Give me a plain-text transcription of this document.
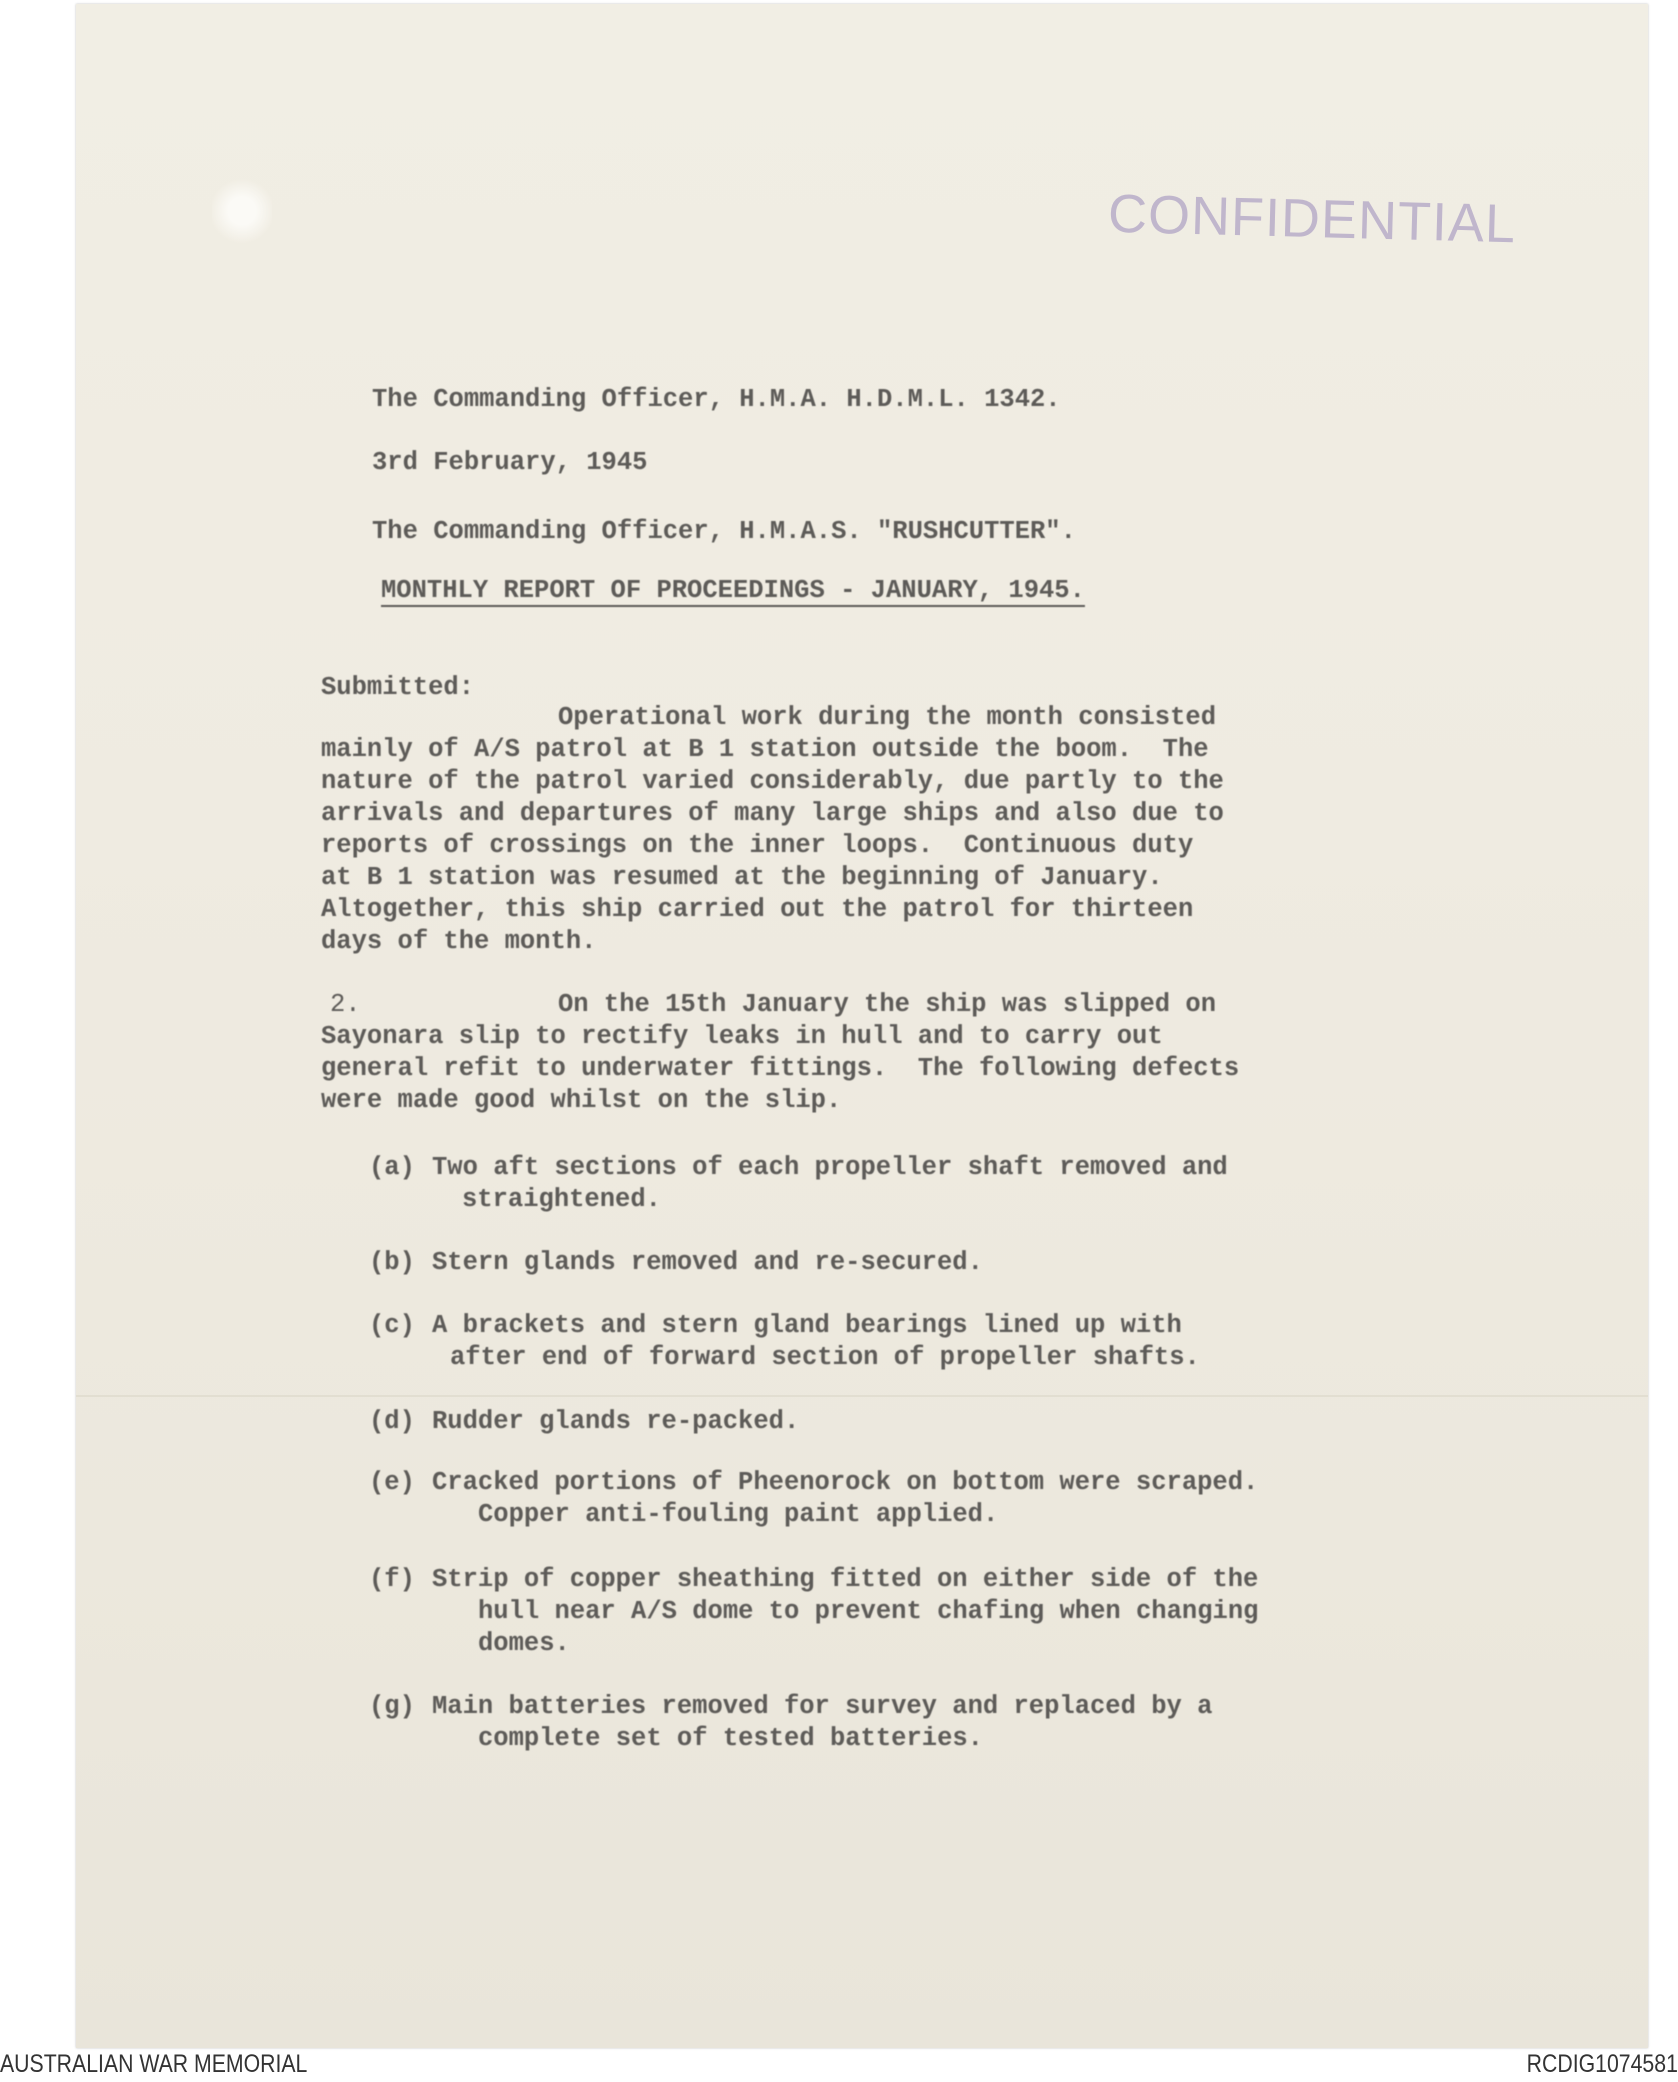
CONFIDENTIAL
The Commanding Officer, H.M.A. H.D.M.L. 1342.
3rd February, 1945
The Commanding Officer, H.M.A.S. "RUSHCUTTER".
MONTHLY REPORT OF PROCEEDINGS - JANUARY, 1945.
Submitted:
Operational work during the month consisted
mainly of A/S patrol at B 1 station outside the boom.  The
nature of the patrol varied considerably, due partly to the
arrivals and departures of many large ships and also due to
reports of crossings on the inner loops.  Continuous duty
at B 1 station was resumed at the beginning of January.
Altogether, this ship carried out the patrol for thirteen
days of the month.
2.	On the 15th January the ship was slipped on
Sayonara slip to rectify leaks in hull and to carry out
general refit to underwater fittings.  The following defects
were made good whilst on the slip.
(a) Two aft sections of each propeller shaft removed and
straightened.
(b) Stern glands removed and re-secured.
(c) A brackets and stern gland bearings lined up with
after end of forward section of propeller shafts.
(d) Rudder glands re-packed.
(e) Cracked portions of Pheenorock on bottom were scraped.
Copper anti-fouling paint applied.
(f) Strip of copper sheathing fitted on either side of the
hull near A/S dome to prevent chafing when changing
domes.
(g) Main batteries removed for survey and replaced by a
complete set of tested batteries.
AUSTRALIAN WAR MEMORIAL	RCDIG1074581
